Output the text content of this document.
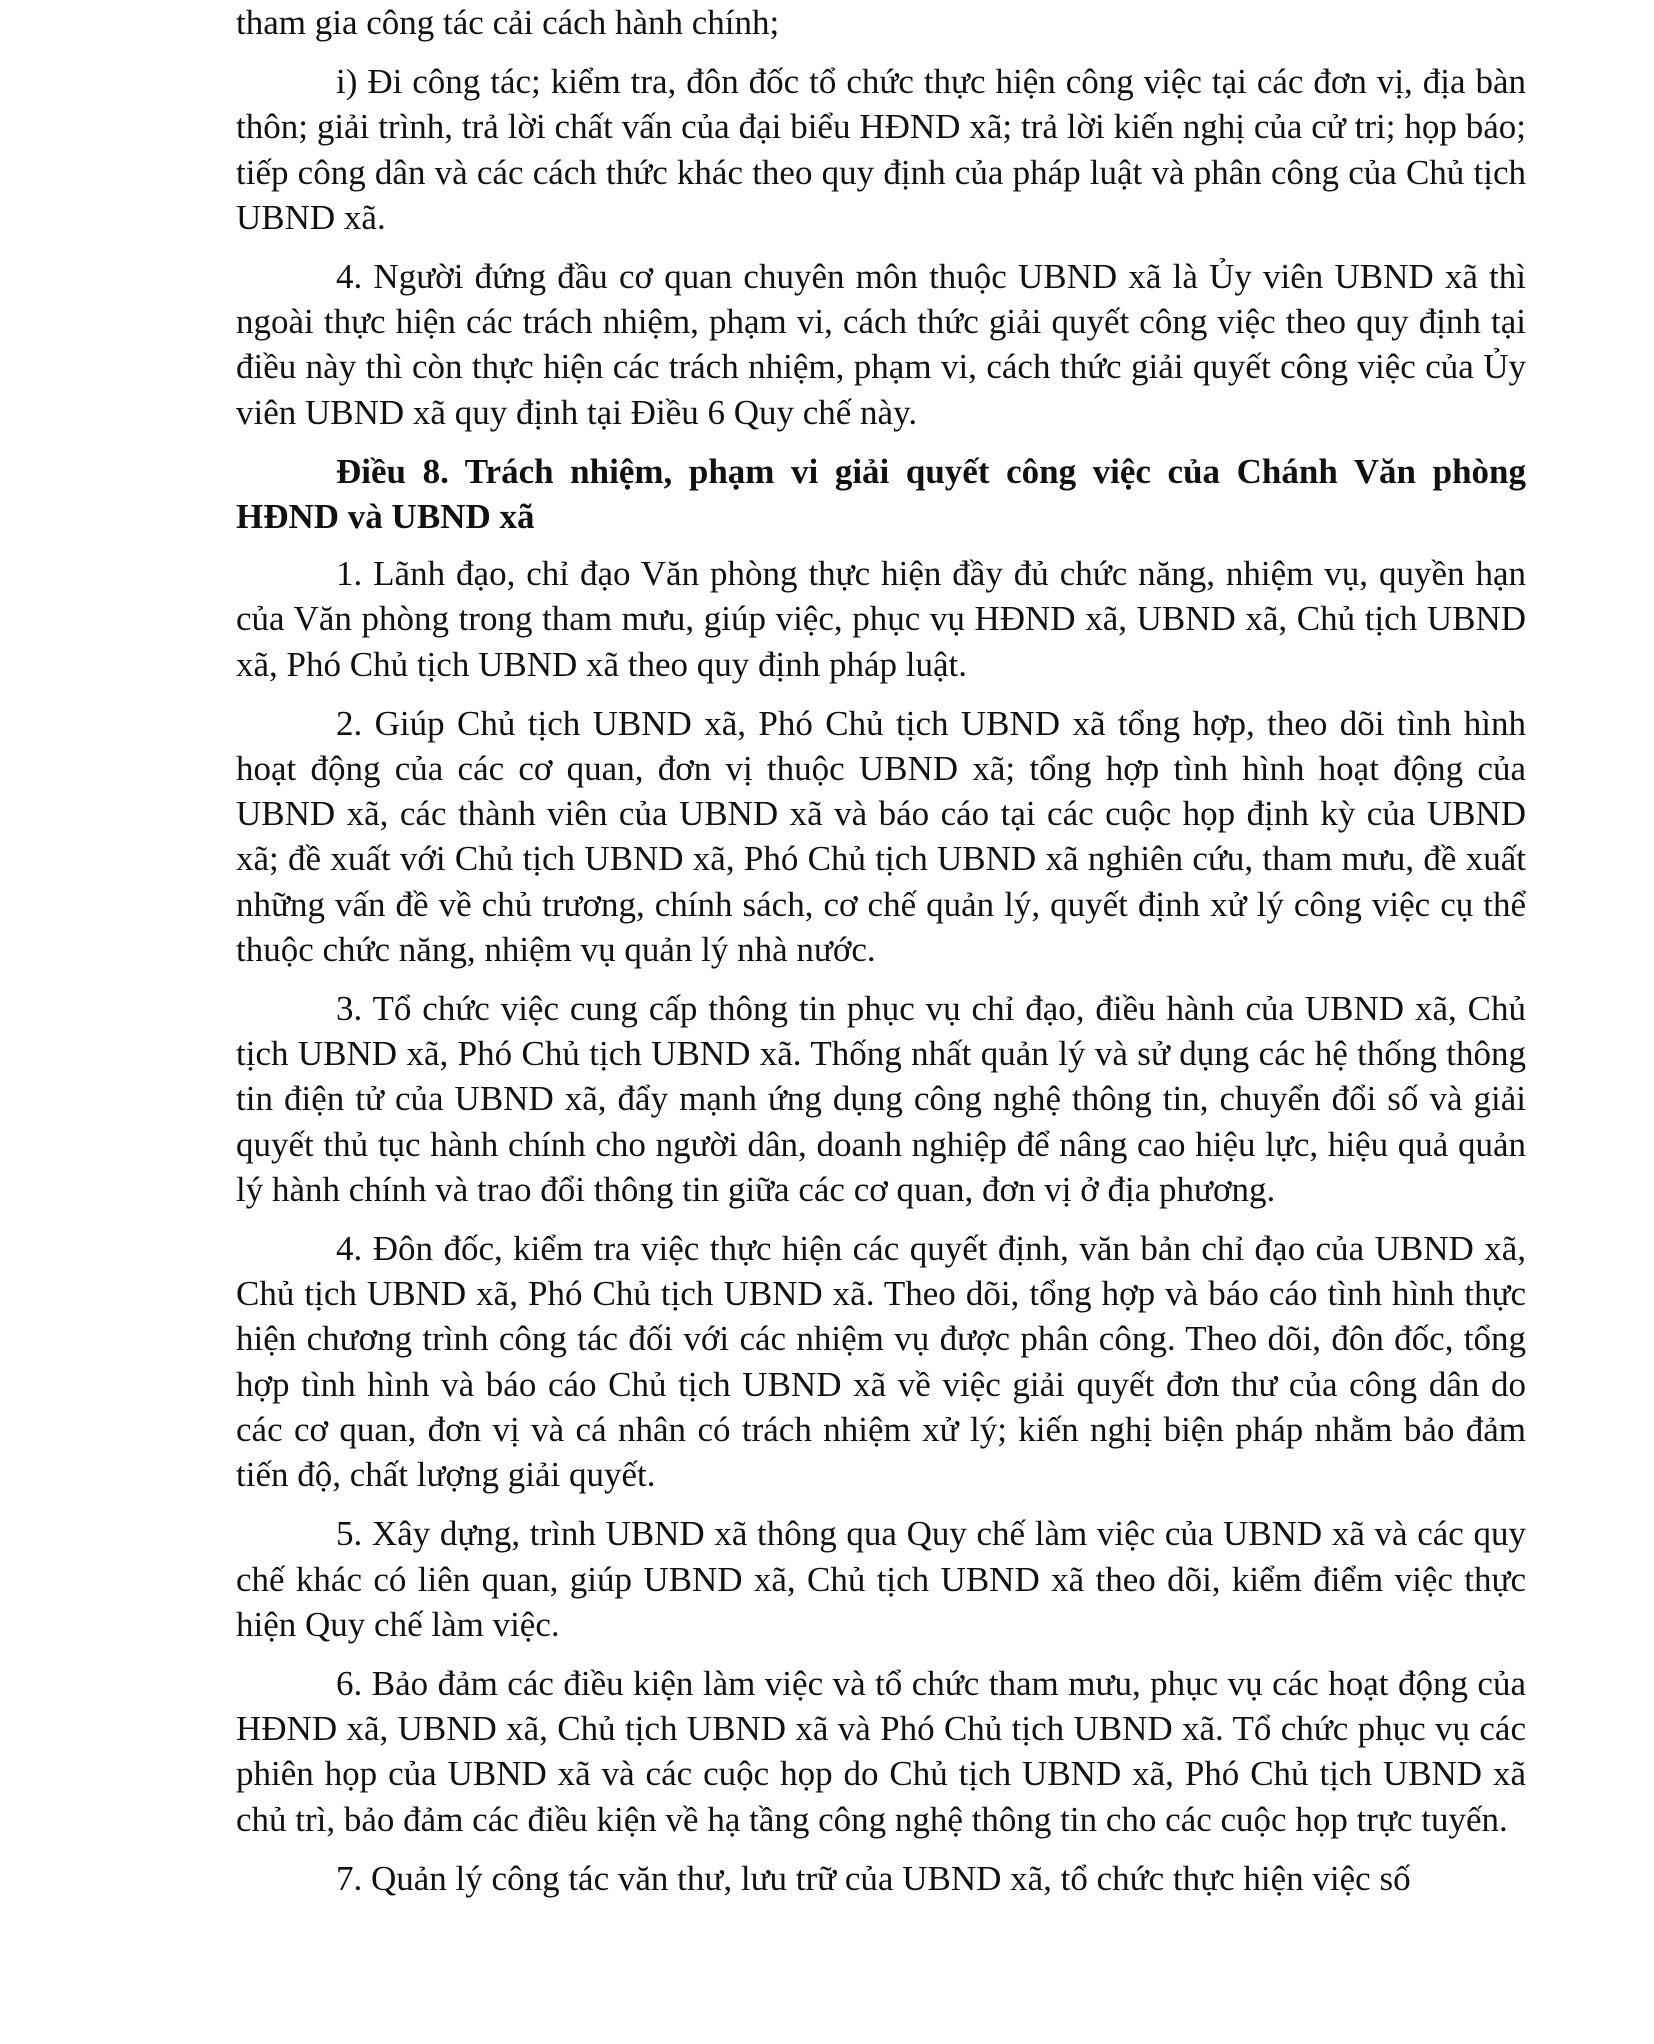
tham gia công tác cải cách hành chính;

i) Đi công tác; kiểm tra, đôn đốc tổ chức thực hiện công việc tại các đơn vị, địa bàn thôn; giải trình, trả lời chất vấn của đại biểu HĐND xã; trả lời kiến nghị của cử tri; họp báo; tiếp công dân và các cách thức khác theo quy định của pháp luật và phân công của Chủ tịch UBND xã.

4. Người đứng đầu cơ quan chuyên môn thuộc UBND xã là Ủy viên UBND xã thì ngoài thực hiện các trách nhiệm, phạm vi, cách thức giải quyết công việc theo quy định tại điều này thì còn thực hiện các trách nhiệm, phạm vi, cách thức giải quyết công việc của Ủy viên UBND xã quy định tại Điều 6 Quy chế này.

Điều 8. Trách nhiệm, phạm vi giải quyết công việc của Chánh Văn phòng HĐND và UBND xã

1. Lãnh đạo, chỉ đạo Văn phòng thực hiện đầy đủ chức năng, nhiệm vụ, quyền hạn của Văn phòng trong tham mưu, giúp việc, phục vụ HĐND xã, UBND xã, Chủ tịch UBND xã, Phó Chủ tịch UBND xã theo quy định pháp luật.

2. Giúp Chủ tịch UBND xã, Phó Chủ tịch UBND xã tổng hợp, theo dõi tình hình hoạt động của các cơ quan, đơn vị thuộc UBND xã; tổng hợp tình hình hoạt động của UBND xã, các thành viên của UBND xã và báo cáo tại các cuộc họp định kỳ của UBND xã; đề xuất với Chủ tịch UBND xã, Phó Chủ tịch UBND xã nghiên cứu, tham mưu, đề xuất những vấn đề về chủ trương, chính sách, cơ chế quản lý, quyết định xử lý công việc cụ thể thuộc chức năng, nhiệm vụ quản lý nhà nước.

3. Tổ chức việc cung cấp thông tin phục vụ chỉ đạo, điều hành của UBND xã, Chủ tịch UBND xã, Phó Chủ tịch UBND xã. Thống nhất quản lý và sử dụng các hệ thống thông tin điện tử của UBND xã, đẩy mạnh ứng dụng công nghệ thông tin, chuyển đổi số và giải quyết thủ tục hành chính cho người dân, doanh nghiệp để nâng cao hiệu lực, hiệu quả quản lý hành chính và trao đổi thông tin giữa các cơ quan, đơn vị ở địa phương.

4. Đôn đốc, kiểm tra việc thực hiện các quyết định, văn bản chỉ đạo của UBND xã, Chủ tịch UBND xã, Phó Chủ tịch UBND xã. Theo dõi, tổng hợp và báo cáo tình hình thực hiện chương trình công tác đối với các nhiệm vụ được phân công. Theo dõi, đôn đốc, tổng hợp tình hình và báo cáo Chủ tịch UBND xã về việc giải quyết đơn thư của công dân do các cơ quan, đơn vị và cá nhân có trách nhiệm xử lý; kiến nghị biện pháp nhằm bảo đảm tiến độ, chất lượng giải quyết.

5. Xây dựng, trình UBND xã thông qua Quy chế làm việc của UBND xã và các quy chế khác có liên quan, giúp UBND xã, Chủ tịch UBND xã theo dõi, kiểm điểm việc thực hiện Quy chế làm việc.

6. Bảo đảm các điều kiện làm việc và tổ chức tham mưu, phục vụ các hoạt động của HĐND xã, UBND xã, Chủ tịch UBND xã và Phó Chủ tịch UBND xã. Tổ chức phục vụ các phiên họp của UBND xã và các cuộc họp do Chủ tịch UBND xã, Phó Chủ tịch UBND xã chủ trì, bảo đảm các điều kiện về hạ tầng công nghệ thông tin cho các cuộc họp trực tuyến.

7. Quản lý công tác văn thư, lưu trữ của UBND xã, tổ chức thực hiện việc số
